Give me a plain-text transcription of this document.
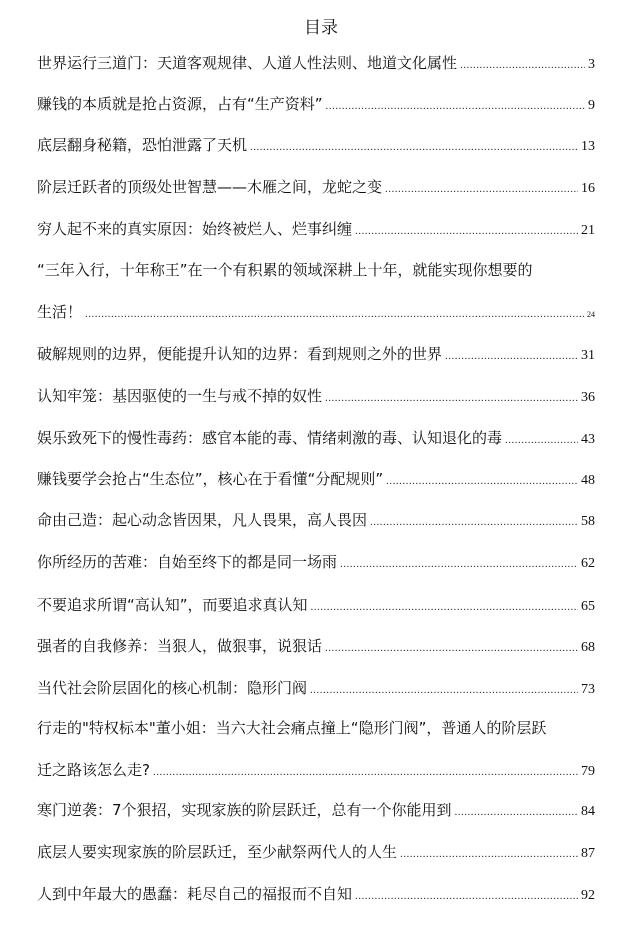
目录
世界运行三道门：天道客观规律、人道人性法则、地道文化属性 .....	3
赚钱的本质就是抢占资源，占有“生产资料” .....	9
底层翻身秘籍，恐怕泄露了天机 .....	13
阶层迁跃者的顶级处世智慧——木雁之间，龙蛇之变 .....	16
穷人起不来的真实原因：始终被烂人、烂事纠缠 .....	21
“三年入行，十年称王”在一个有积累的领域深耕上十年，就能实现你想要的
生活！ .....	24
破解规则的边界，便能提升认知的边界：看到规则之外的世界 .....	31
认知牢笼：基因驱使的一生与戒不掉的奴性 .....	36
娱乐致死下的慢性毒药：感官本能的毒、情绪刺激的毒、认知退化的毒 .....	43
赚钱要学会抢占“生态位”，核心在于看懂“分配规则” .....	48
命由己造：起心动念皆因果，凡人畏果，高人畏因 .....	58
你所经历的苦难：自始至终下的都是同一场雨 .....	62
不要追求所谓“高认知”，而要追求真认知 .....	65
强者的自我修养：当狠人，做狠事，说狠话 .....	68
当代社会阶层固化的核心机制：隐形门阀 .....	73
行走的"特权标本"董小姐：当六大社会痛点撞上“隐形门阀”，普通人的阶层跃
迁之路该怎么走? .....	79
寒门逆袭：7个狠招，实现家族的阶层跃迁，总有一个你能用到 .....	84
底层人要实现家族的阶层跃迁，至少献祭两代人的人生 .....	87
人到中年最大的愚蠢：耗尽自己的福报而不自知 .....	92
